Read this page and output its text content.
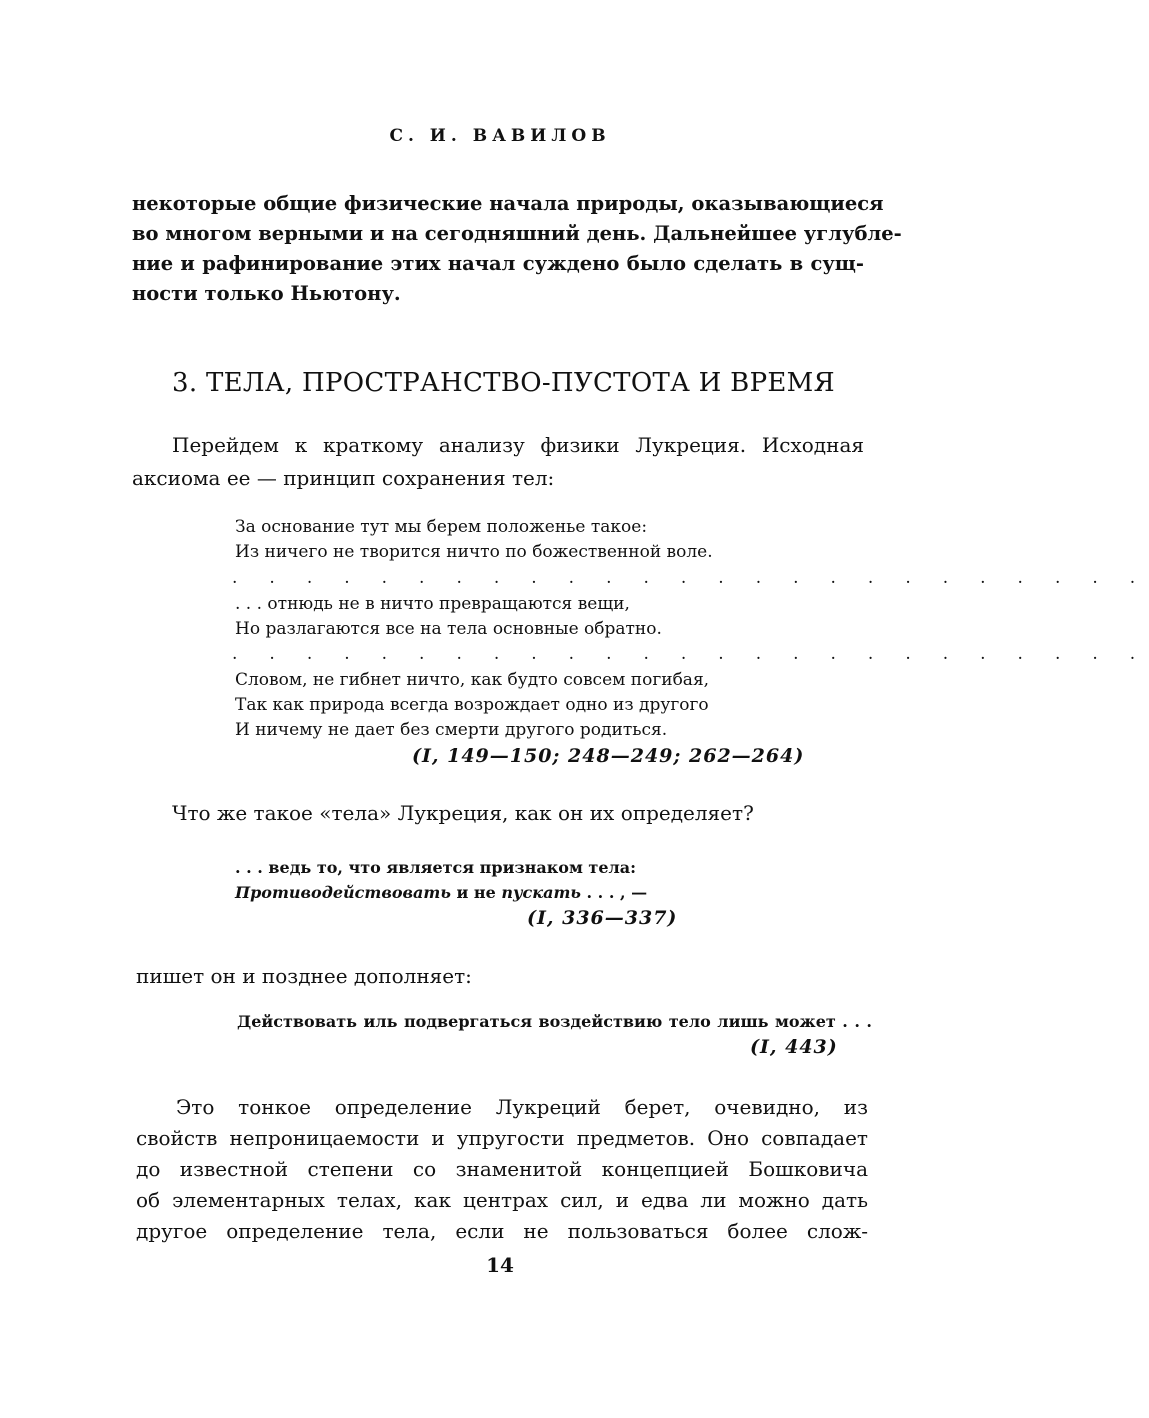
С. И. ВАВИЛОВ
некоторые общие физические начала природы, оказывающиеся
во многом верными и на сегодняшний день. Дальнейшее углубле-
ние и рафинирование этих начал суждено было сделать в сущ-
ности только Ньютону.
3. ТЕЛА, ПРОСТРАНСТВО-ПУСТОТА И ВРЕМЯ
Перейдем к краткому анализу физики Лукреция. Исходная
аксиома ее — принцип сохранения тел:
За основание тут мы берем положенье такое:
Из ничего не творится ничто по божественной воле.
. . . . . . . . . . . . . . . . . . . . . . . . .
. . . отнюдь не в ничто превращаются вещи,
Но разлагаются все на тела основные обратно.
. . . . . . . . . . . . . . . . . . . . . . . . .
Словом, не гибнет ничто, как будто совсем погибая,
Так как природа всегда возрождает одно из другого
И ничему не дает без смерти другого родиться.
(I, 149—150; 248—249; 262—264)
Что же такое «тела» Лукреция, как он их определяет?
. . . ведь то, что является признаком тела:
Противодействовать и не пускать . . . , —
(I, 336—337)
пишет он и позднее дополняет:
Действовать иль подвергаться воздействию тело лишь может . . .
(I, 443)
Это тонкое определение Лукреций берет, очевидно, из
свойств непроницаемости и упругости предметов. Оно совпадает
до известной степени со знаменитой концепцией Бошковича
об элементарных телах, как центрах сил, и едва ли можно дать
другое определение тела, если не пользоваться более слож-
14
